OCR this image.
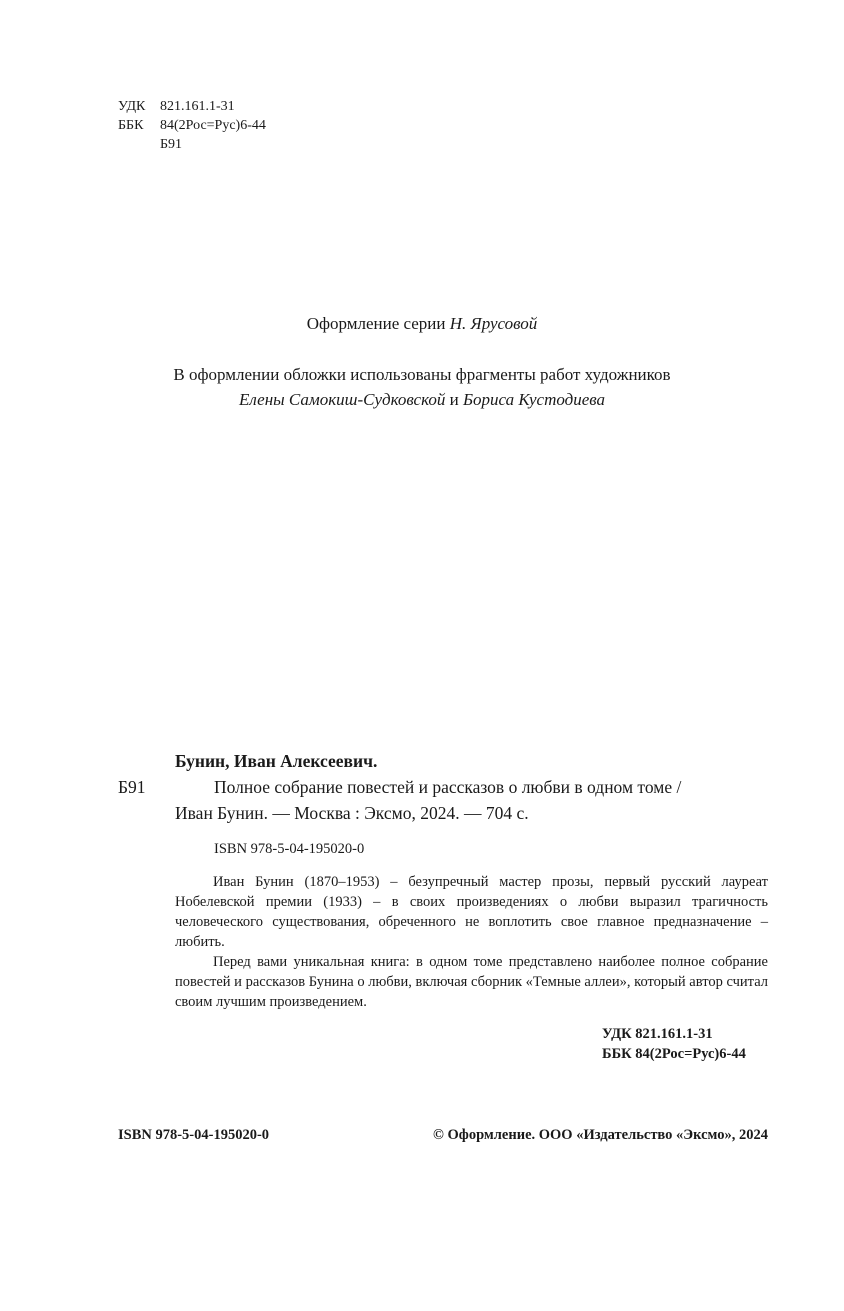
УДК 821.161.1-31
ББК 84(2Рос=Рус)6-44
Б91
Оформление серии Н. Ярусовой
В оформлении обложки использованы фрагменты работ художников
Елены Самокиш-Судковской и Бориса Кустодиева
Бунин, Иван Алексеевич.
Б91	Полное собрание повестей и рассказов о любви в одном томе /
Иван Бунин. — Москва : Эксмо, 2024. — 704 с.
ISBN 978-5-04-195020-0

Иван Бунин (1870–1953) – безупречный мастер прозы, первый русский лауреат Нобелевской премии (1933) – в своих произведениях о любви выразил трагичность человеческого существования, обреченного не воплотить свое главное предназначение – любить.

Перед вами уникальная книга: в одном томе представлено наиболее полное собрание повестей и рассказов Бунина о любви, включая сборник «Темные аллеи», который автор считал своим лучшим произведением.

УДК 821.161.1-31
ББК 84(2Рос=Рус)6-44
ISBN 978-5-04-195020-0	© Оформление. ООО «Издательство «Эксмо», 2024
